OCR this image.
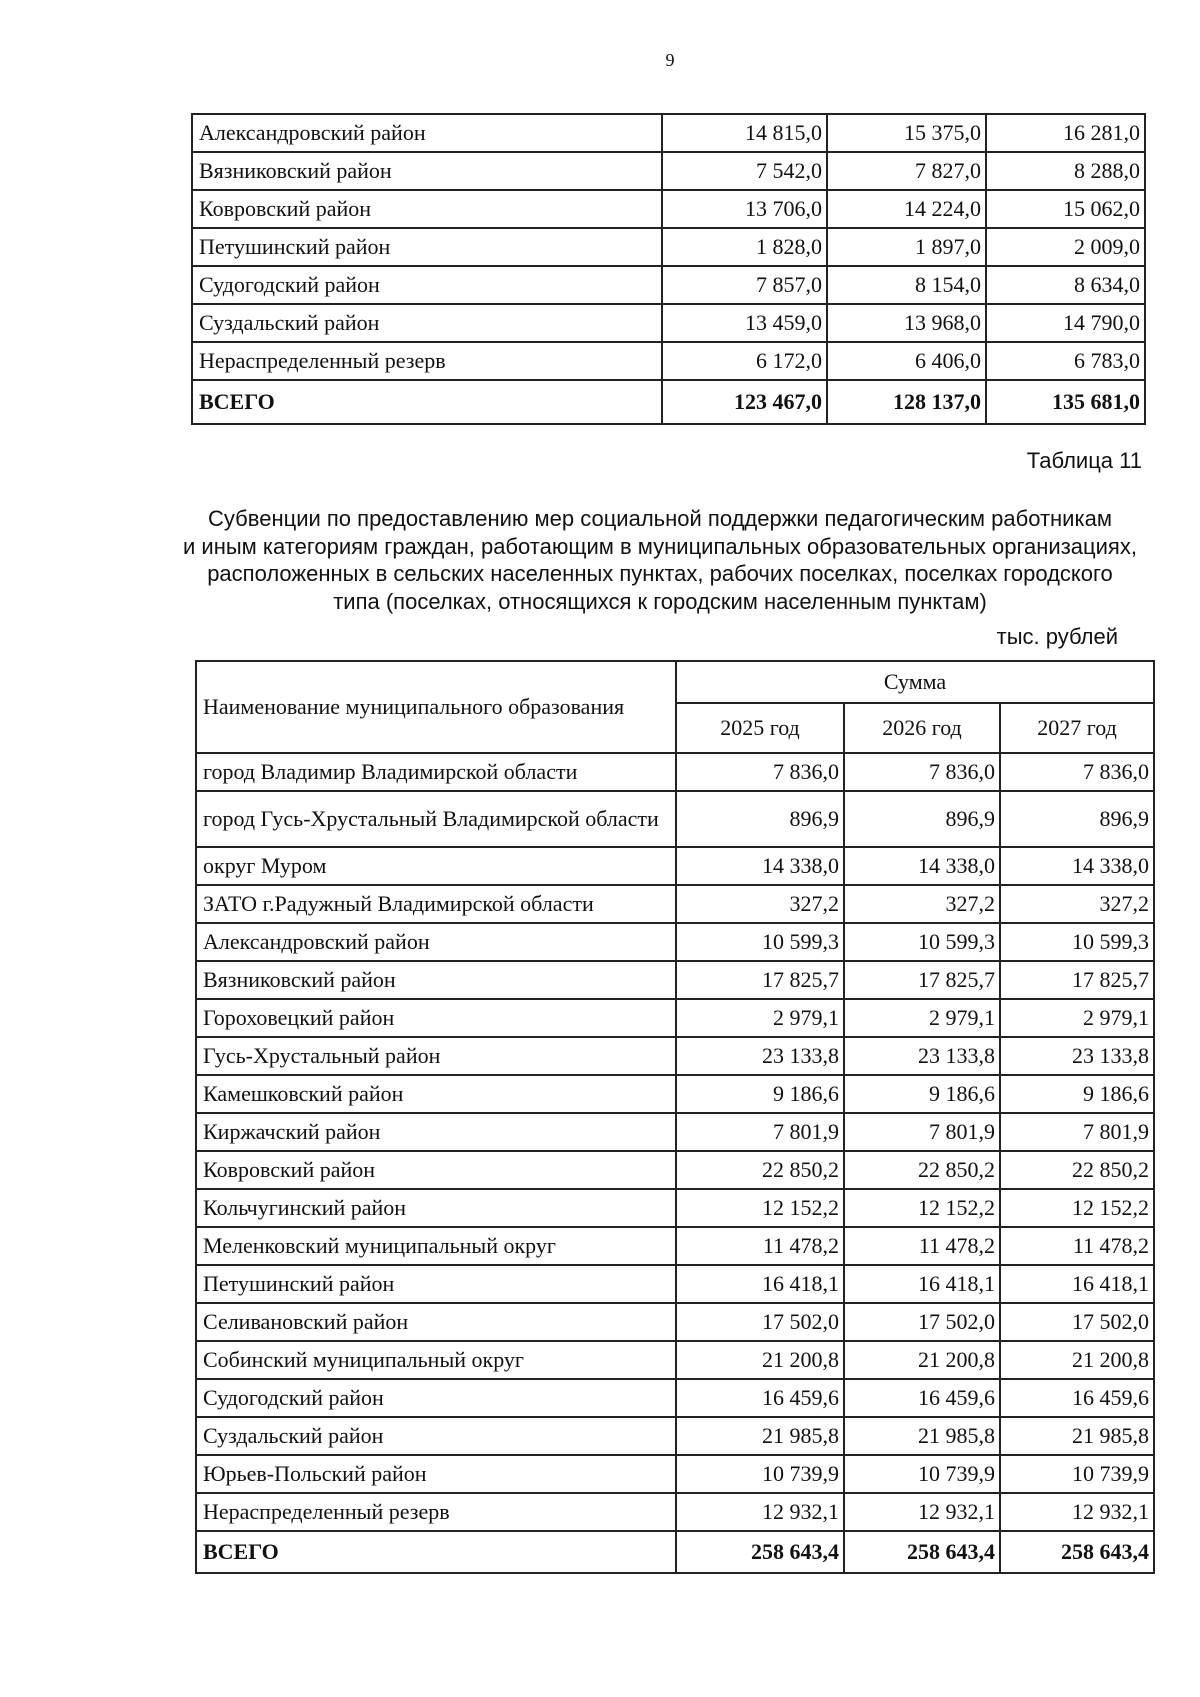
9
Александровский район	14 815,0	15 375,0	16 281,0
Вязниковский район	7 542,0	7 827,0	8 288,0
Ковровский район	13 706,0	14 224,0	15 062,0
Петушинский район	1 828,0	1 897,0	2 009,0
Судогодский район	7 857,0	8 154,0	8 634,0
Суздальский район	13 459,0	13 968,0	14 790,0
Нераспределенный резерв	6 172,0	6 406,0	6 783,0
ВСЕГО	123 467,0	128 137,0	135 681,0
Таблица 11
Субвенции по предоставлению мер социальной поддержки педагогическим работникам
и иным категориям граждан, работающим в муниципальных образовательных организациях,
расположенных в сельских населенных пунктах, рабочих поселках, поселках городского
типа (поселках, относящихся к городским населенным пунктам)
тыс. рублей
Наименование муниципального образования	Сумма		
	2025 год	2026 год	2027 год
город Владимир Владимирской области	7 836,0	7 836,0	7 836,0
город Гусь-Хрустальный Владимирской области	896,9	896,9	896,9
округ Муром	14 338,0	14 338,0	14 338,0
ЗАТО г.Радужный Владимирской области	327,2	327,2	327,2
Александровский район	10 599,3	10 599,3	10 599,3
Вязниковский район	17 825,7	17 825,7	17 825,7
Гороховецкий район	2 979,1	2 979,1	2 979,1
Гусь-Хрустальный район	23 133,8	23 133,8	23 133,8
Камешковский район	9 186,6	9 186,6	9 186,6
Киржачский район	7 801,9	7 801,9	7 801,9
Ковровский район	22 850,2	22 850,2	22 850,2
Кольчугинский район	12 152,2	12 152,2	12 152,2
Меленковский муниципальный округ	11 478,2	11 478,2	11 478,2
Петушинский район	16 418,1	16 418,1	16 418,1
Селивановский район	17 502,0	17 502,0	17 502,0
Собинский муниципальный округ	21 200,8	21 200,8	21 200,8
Судогодский район	16 459,6	16 459,6	16 459,6
Суздальский район	21 985,8	21 985,8	21 985,8
Юрьев-Польский район	10 739,9	10 739,9	10 739,9
Нераспределенный резерв	12 932,1	12 932,1	12 932,1
ВСЕГО	258 643,4	258 643,4	258 643,4
